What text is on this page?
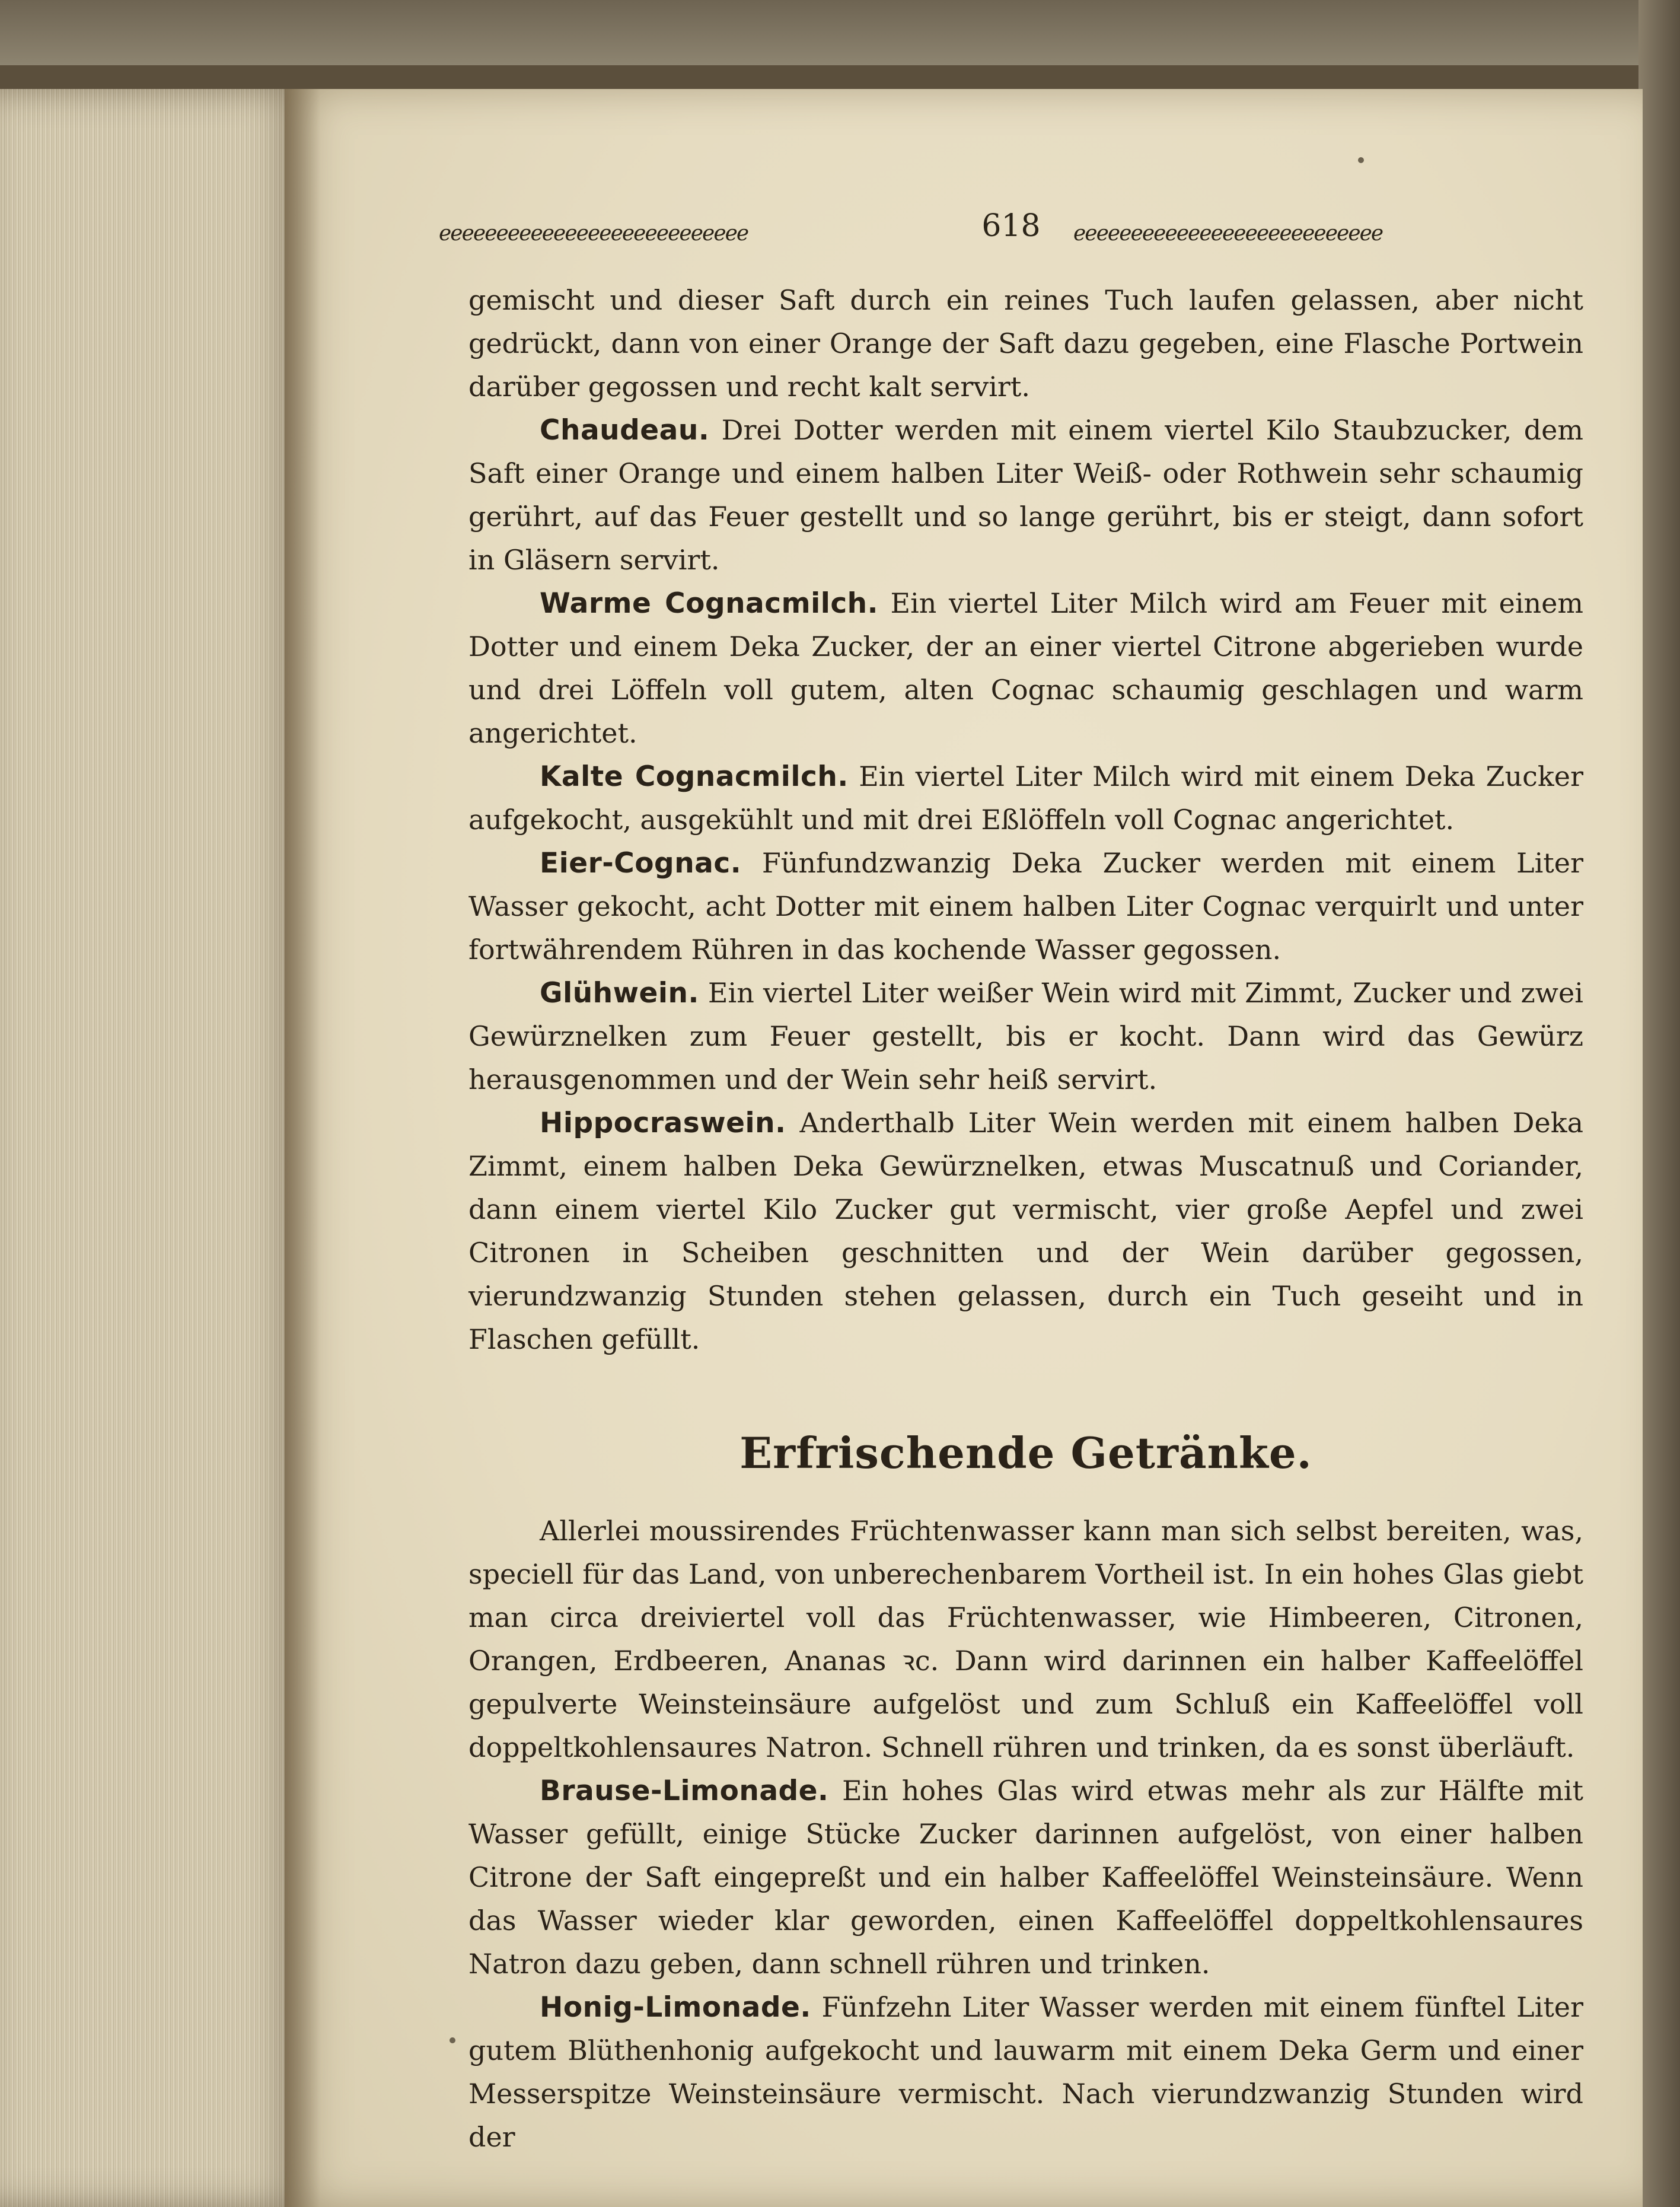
ℯℯℯℯℯℯℯℯℯℯℯℯℯℯℯℯℯℯℯℯℯℯℯℯℯℯℯ	618	ℯℯℯℯℯℯℯℯℯℯℯℯℯℯℯℯℯℯℯℯℯℯℯℯℯℯℯ

gemischt und dieser Saft durch ein reines Tuch laufen gelassen, aber nicht gedrückt, dann von einer Orange der Saft dazu gegeben, eine Flasche Portwein darüber gegossen und recht kalt servirt.

Chaudeau. Drei Dotter werden mit einem viertel Kilo Staubzucker, dem Saft einer Orange und einem halben Liter Weiß- oder Rothwein sehr schaumig gerührt, auf das Feuer gestellt und so lange gerührt, bis er steigt, dann sofort in Gläsern servirt.

Warme Cognacmilch. Ein viertel Liter Milch wird am Feuer mit einem Dotter und einem Deka Zucker, der an einer viertel Citrone abgerieben wurde und drei Löffeln voll gutem, alten Cognac schaumig geschlagen und warm angerichtet.

Kalte Cognacmilch. Ein viertel Liter Milch wird mit einem Deka Zucker aufgekocht, ausgekühlt und mit drei Eßlöffeln voll Cognac angerichtet.

Eier-Cognac. Fünfundzwanzig Deka Zucker werden mit einem Liter Wasser gekocht, acht Dotter mit einem halben Liter Cognac verquirlt und unter fortwährendem Rühren in das kochende Wasser gegossen.

Glühwein. Ein viertel Liter weißer Wein wird mit Zimmt, Zucker und zwei Gewürznelken zum Feuer gestellt, bis er kocht. Dann wird das Gewürz herausgenommen und der Wein sehr heiß servirt.

Hippocraswein. Anderthalb Liter Wein werden mit einem halben Deka Zimmt, einem halben Deka Gewürznelken, etwas Muscatnuß und Coriander, dann einem viertel Kilo Zucker gut vermischt, vier große Aepfel und zwei Citronen in Scheiben geschnitten und der Wein darüber gegossen, vierundzwanzig Stunden stehen gelassen, durch ein Tuch geseiht und in Flaschen gefüllt.

Erfrischende Getränke.

Allerlei moussirendes Früchtenwasser kann man sich selbst bereiten, was, speciell für das Land, von unberechenbarem Vortheil ist. In ein hohes Glas giebt man circa dreiviertel voll das Früchtenwasser, wie Himbeeren, Citronen, Orangen, Erdbeeren, Ananas ꝛc. Dann wird darinnen ein halber Kaffeelöffel gepulverte Weinsteinsäure aufgelöst und zum Schluß ein Kaffeelöffel voll doppeltkohlensaures Natron. Schnell rühren und trinken, da es sonst überläuft.

Brause-Limonade. Ein hohes Glas wird etwas mehr als zur Hälfte mit Wasser gefüllt, einige Stücke Zucker darinnen aufgelöst, von einer halben Citrone der Saft eingepreßt und ein halber Kaffeelöffel Weinsteinsäure. Wenn das Wasser wieder klar geworden, einen Kaffeelöffel doppeltkohlensaures Natron dazu geben, dann schnell rühren und trinken.

Honig-Limonade. Fünfzehn Liter Wasser werden mit einem fünftel Liter gutem Blüthenhonig aufgekocht und lauwarm mit einem Deka Germ und einer Messerspitze Weinsteinsäure vermischt. Nach vierundzwanzig Stunden wird der
